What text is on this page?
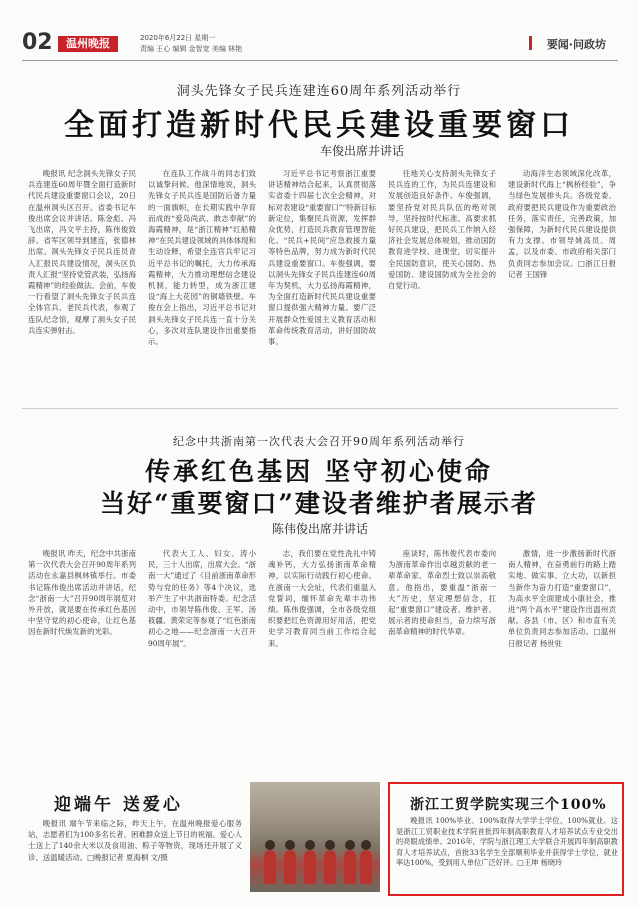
02	温州晚报	2020年6月22日 星期一
责编 王心 编辑 金智宽 美编 林艳	要闻·问政坊
洞头先锋女子民兵连建连60周年系列活动举行
全面打造新时代民兵建设重要窗口
车俊出席并讲话

晚报讯 纪念洞头先锋女子民兵连建连60周年暨全面打造新时代民兵建设重要窗口会议，20日在温州洞头区召开。省委书记车俊出席会议并讲话。陈金彪、冯飞出席，冯文平主持，陈伟俊致辞。省军区领导到建连，张德林出席。洞头先锋女子民兵连员青入汇报民兵建设情况，洞头区负责人汇报“坚持党管武装，弘扬海霞精神”的经验做法。会前，车俊一行看望了洞头先锋女子民兵连全体官兵、老民兵代表，参观了连队纪念馆，观摩了洞头女子民兵连实弹射击。

在连队工作战斗的同志们致以诚挚问候。他深情地说，洞头先锋女子民兵连是国防后备力量的一面旗帜，在长期实践中孕育而成的“爱岛尚武、敢志奉献”的海霞精神，是“浙江精神”红船精神“在民兵建设领域的具体体现和生动诠释，希望全连官兵牢记习近平总书记的嘱托，大力传承海霞精神，大力推动理想信念建设机制，能力转型，成为浙江建设“海上大花园”的铜墙铁壁。车俊在会上指出，习近平总书记对洞头先锋女子民兵连一直十分关心，多次对连队建设作出重要指示。

习近平总书记考察浙江重要讲话精神结合起来，认真贯彻落实省委十四届七次全会精神，对标对表建设“重要窗口”“特新目标新定位，集聚民兵资源，发挥群众优势，打造民兵教育管理智能化、“民兵+民间”应急救援力量等特色品牌，努力成为新时代民兵建设重要窗口。车俊强调，要以洞头先锋女子民兵连建连60周年为契机，大力弘扬海霞精神，为全面打造新时代民兵建设重要窗口提供强大精神力量。要广泛开展群众性爱国主义教育活动和革命传统教育活动，讲好国防故事。

往地关心支持洞头先锋女子民兵连的工作，为民兵连建设和发展创造良好条件。车俊强调，要坚持党对民兵队伍的绝对领导，坚持按时代标准、高要求抓好民兵建设，把民兵工作纳入经济社会发展总体规划，推动国防教育进学校、进课堂，切实提升全民国防意识，使关心国防、热爱国防、建设国防成为全社会的自觉行动。

动海洋生态领域深化改革，建设新时代海上“枫桥经验”，争当绿色发展排头兵。各级党委、政府要把民兵建设作为重要政治任务，落实责任，完善政策，加强保障，为新时代民兵建设提供有力支撑。市领导姚高员、周孟，以及市委、市政府相关部门负责同志参加会议。□浙江日报记者 王国锋

纪念中共浙南第一次代表大会召开90周年系列活动举行
传承红色基因 坚守初心使命
当好“重要窗口”建设者维护者展示者
陈伟俊出席并讲话

晚报讯 昨天，纪念中共浙南第一次代表大会召开90周年系列活动在永嘉县枫林镇举行。市委书记陈伟俊出席活动并讲话，纪念“浙南一大”召开90周年展览对外开放，就是要在传承红色基因中坚守党的初心使命，让红色基因在新时代焕发新的光彩。

代表大工人、妇女、涛小民，三十人出席，出席大会。“浙南一大”通过了《目前浙南革命形势与党的任务》等4个决议，选举产生了中共浙南特委。纪念活动中，市领导陈伟俊、王军、汤筱疆、黄荣定等参观了“红色浙南 初心之地——纪念浙南一大召开90周年展”。

志，我们要在党性洗礼中铸魂补钙，大力弘扬浙南革命精神，以实际行动践行初心使命。在浙南一大会址，代表们重温入党誓词，缅怀革命先辈丰功伟绩。陈伟俊强调，全市各级党组织要把红色资源用好用活，把党史学习教育同当前工作结合起来。

座谈时，陈伟俊代表市委向为浙南革命作出卓越贡献的老一辈革命家、革命烈士致以崇高敬意。他指出，要重温“浙南一大”历史，坚定理想信念，扛起“重要窗口”建设者、维护者、展示者的使命担当，奋力续写浙南革命精神的时代华章。

激情，进一步激扬新时代浙南人精神，在奋勇前行的路上踏实地、做实事、立大功，以新担当新作为奋力打造“重要窗口”，为高水平全面建成小康社会，推进“两个高水平”建设作出温州贡献。各县（市、区）和市直有关单位负责同志参加活动。□温州日报记者 杨世驻

迎端午 送爱心

晚报讯 端午节来临之际，昨天上午，在温州晚报爱心服务站，志愿者们为100多名长者、困难群众送上节日的祝福。爱心人士送上了140余大米以及食用油、粽子等物资，现场还开展了义诊、送温暖活动。□晚报记者 夏海桐 文/摄

浙江工贸学院实现三个100%

晚报讯 100%毕业、100%取得大学学士学位、100%就业。这是浙江工贸职业技术学院首批四年制高职教育人才培养试点专业交出的亮眼成绩单。2016年，学院与浙江理工大学联合开展四年制高职教育人才培养试点，首批33名学生全部顺利毕业并获得学士学位，就业率达100%，受到用人单位广泛好评。□王坤 杨晓玲
